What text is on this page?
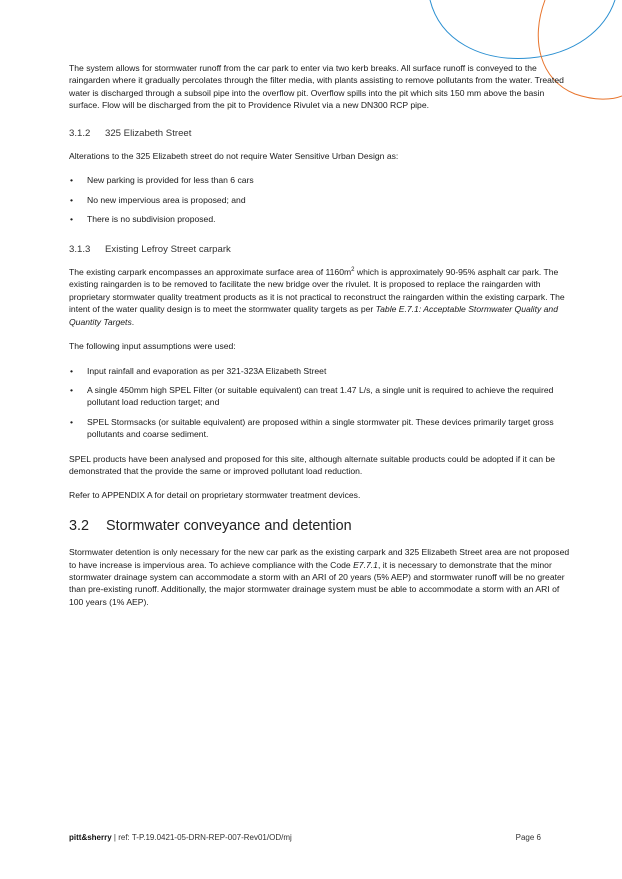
The system allows for stormwater runoff from the car park to enter via two kerb breaks. All surface runoff is conveyed to the raingarden where it gradually percolates through the filter media, with plants assisting to remove pollutants from the water. Treated water is discharged through a subsoil pipe into the overflow pit. Overflow spills into the pit which sits 150 mm above the basin surface. Flow will be discharged from the pit to Providence Rivulet via a new DN300 RCP pipe.

3.1.2 325 Elizabeth Street

Alterations to the 325 Elizabeth street do not require Water Sensitive Urban Design as:

• New parking is provided for less than 6 cars
• No new impervious area is proposed; and
• There is no subdivision proposed.
3.1.3 Existing Lefroy Street carpark

The existing carpark encompasses an approximate surface area of $1160m^2$ which is approximately 90-95% asphalt car park. The existing raingarden is to be removed to facilitate the new bridge over the rivulet. It is proposed to replace the raingarden with proprietary stormwater quality treatment products as it is not practical to reconstruct the raingarden within the existing carpark. The intent of the water quality design is to meet the stormwater quality targets as per Table E.7.1: Acceptable Stormwater Quality and Quantity Targets.

The following input assumptions were used:

• Input rainfall and evaporation as per 321-323A Elizabeth Street
• A single 450mm high SPEL Filter (or suitable equivalent) can treat 1.47 L/s, a single unit is required to achieve the required pollutant load reduction target; and
• SPEL Stormsacks (or suitable equivalent) are proposed within a single stormwater pit. These devices primarily target gross pollutants and coarse sediment.

SPEL products have been analysed and proposed for this site, although alternate suitable products could be adopted if it can be demonstrated that the provide the same or improved pollutant load reduction.

Refer to APPENDIX A for detail on proprietary stormwater treatment devices.

3.2 Stormwater conveyance and detention

Stormwater detention is only necessary for the new car park as the existing carpark and 325 Elizabeth Street area are not proposed to have increase is impervious area. To achieve compliance with the Code E7.7.1, it is necessary to demonstrate that the minor stormwater drainage system can accommodate a storm with an ARI of 20 years (5% AEP) and stormwater runoff will be no greater than pre-existing runoff. Additionally, the major stormwater drainage system must be able to accommodate a storm with an ARI of 100 years (1% AEP).

pitt&sherry | ref: T-P.19.0421-05-DRN-REP-007-Rev01/OD/mj	Page 6
